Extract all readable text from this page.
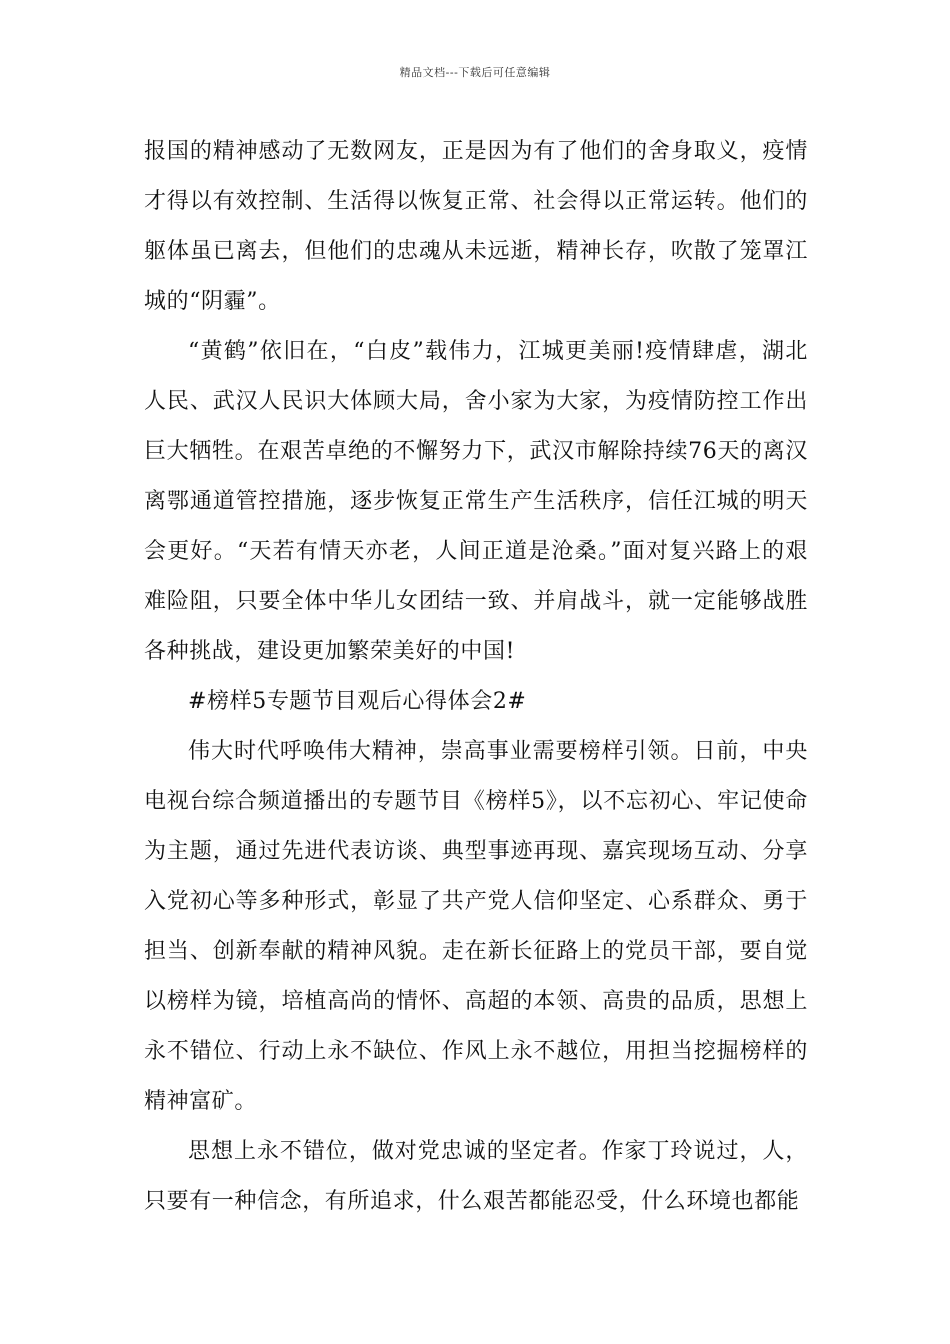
精品文档---下载后可任意编辑

报国的精神感动了无数网友，正是因为有了他们的舍身取义，疫情才得以有效控制、生活得以恢复正常、社会得以正常运转。他们的躯体虽已离去，但他们的忠魂从未远逝，精神长存，吹散了笼罩江城的“阴霾”。

“黄鹤”依旧在，“白皮”载伟力，江城更美丽!疫情肆虐，湖北人民、武汉人民识大体顾大局，舍小家为大家，为疫情防控工作出巨大牺牲。在艰苦卓绝的不懈努力下，武汉市解除持续76天的离汉离鄂通道管控措施，逐步恢复正常生产生活秩序，信任江城的明天会更好。“天若有情天亦老，人间正道是沧桑。”面对复兴路上的艰难险阻，只要全体中华儿女团结一致、并肩战斗，就一定能够战胜各种挑战，建设更加繁荣美好的中国!

#榜样5专题节目观后心得体会2#

伟大时代呼唤伟大精神，崇高事业需要榜样引领。日前，中央电视台综合频道播出的专题节目《榜样5》，以不忘初心、牢记使命为主题，通过先进代表访谈、典型事迹再现、嘉宾现场互动、分享入党初心等多种形式，彰显了共产党人信仰坚定、心系群众、勇于担当、创新奉献的精神风貌。走在新长征路上的党员干部，要自觉以榜样为镜，培植高尚的情怀、高超的本领、高贵的品质，思想上永不错位、行动上永不缺位、作风上永不越位，用担当挖掘榜样的精神富矿。

思想上永不错位，做对党忠诚的坚定者。作家丁玲说过，人，只要有一种信念，有所追求，什么艰苦都能忍受，什么环境也都能
